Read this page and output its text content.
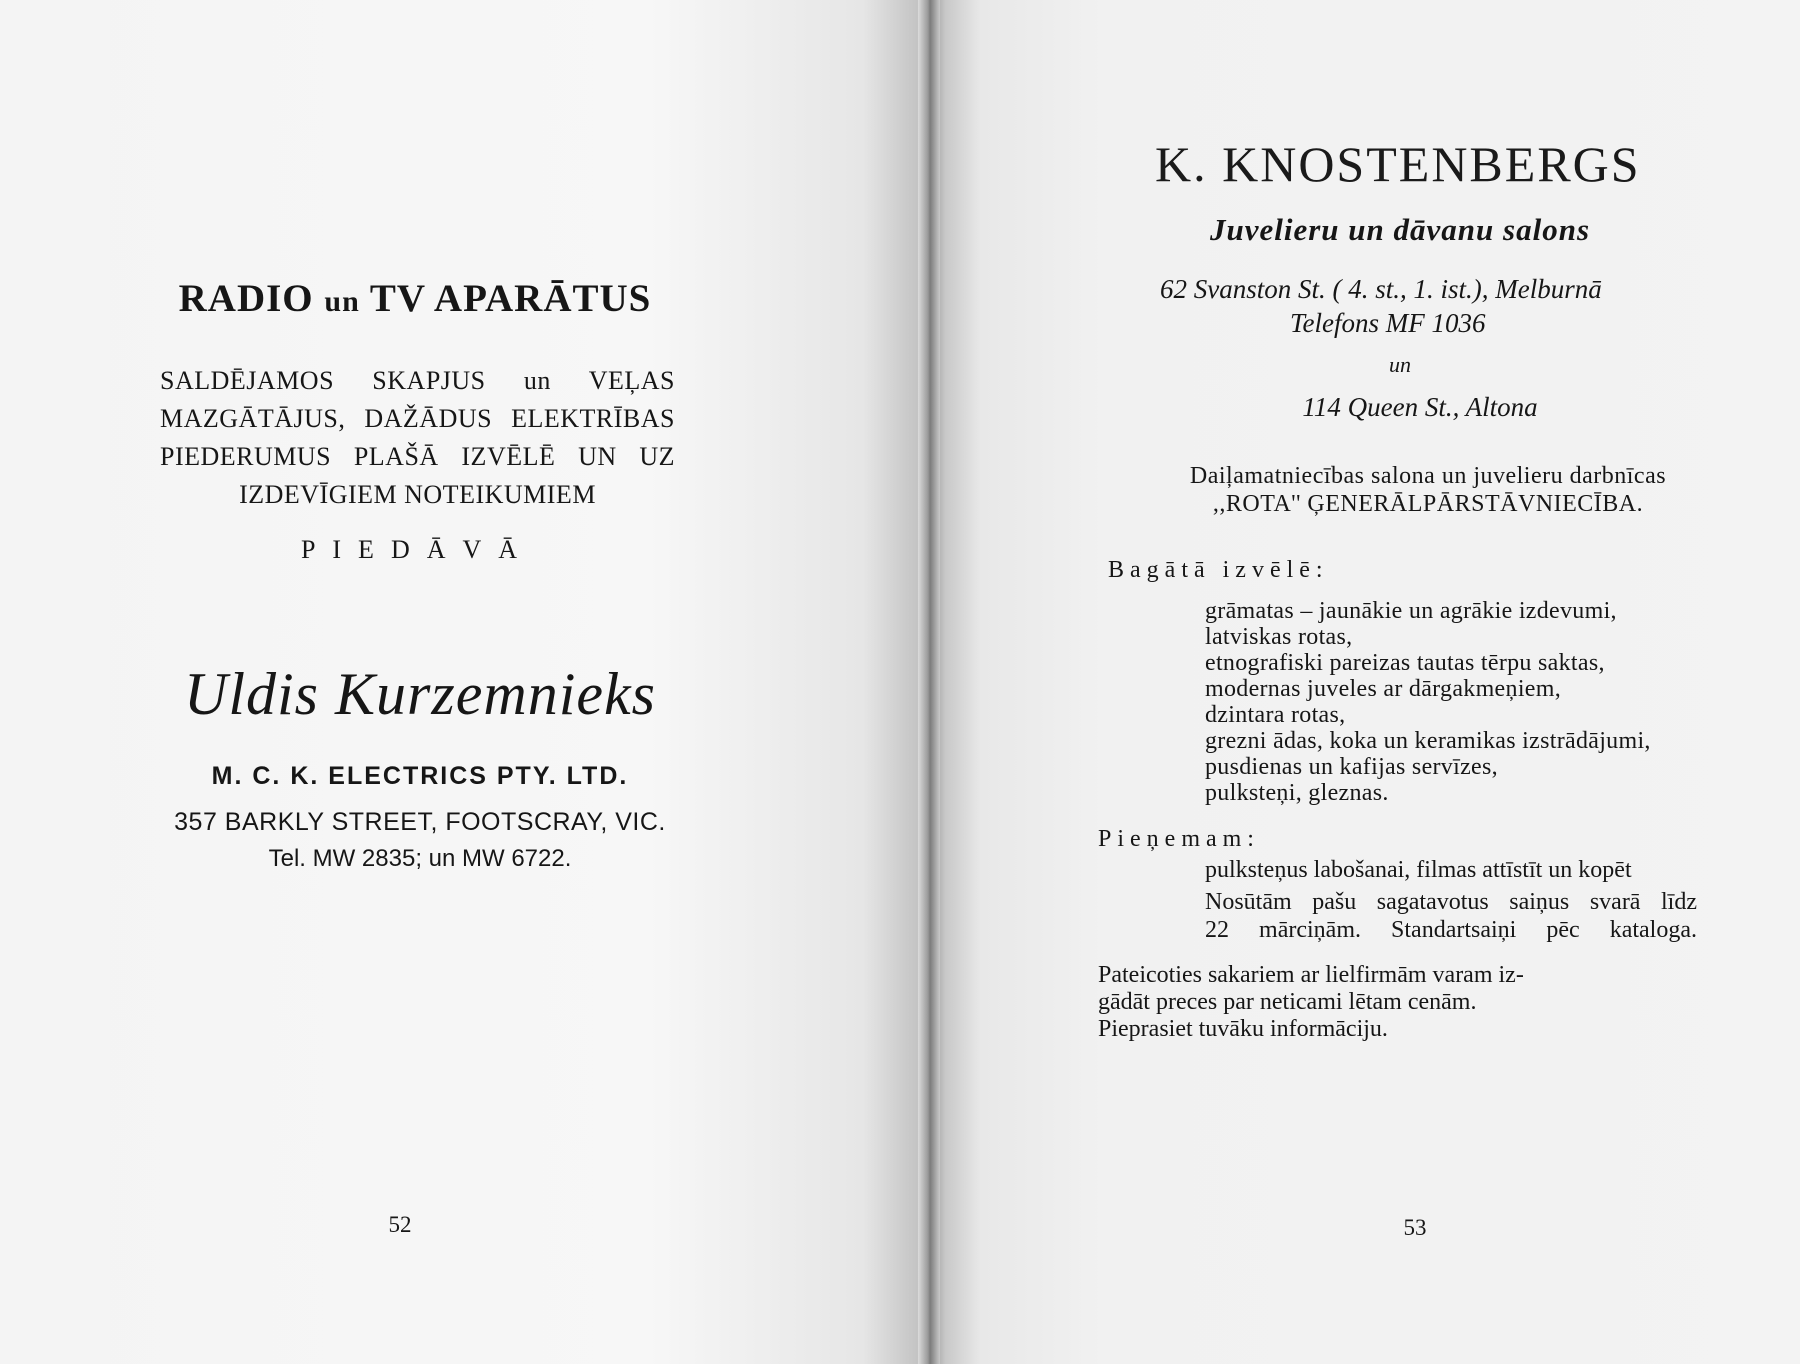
RADIO un TV APARĀTUS
SALDĒJAMOS SKAPJUS un VEĻAS
MAZGĀTĀJUS, DAŽĀDUS ELEKTRĪBAS
PIEDERUMUS PLAŠĀ IZVĒLĒ UN UZ
IZDEVĪGIEM NOTEIKUMIEM
PIEDĀVĀ
Uldis Kurzemnieks
M. C. K. ELECTRICS PTY. LTD.
357 BARKLY STREET, FOOTSCRAY, VIC.
Tel. MW 2835; un MW 6722.
52
K. KNOSTENBERGS
Juvelieru un dāvanu salons
62 Svanston St. ( 4. st., 1. ist.), Melburnā
Telefons MF 1036
un
114 Queen St., Altona
Daiļamatniecības salona un juvelieru darbnīcas
,,ROTA'' ĢENERĀLPĀRSTĀVNIECĪBA.
Bagātā izvēlē:
grāmatas – jaunākie un agrākie izdevumi,
latviskas rotas,
etnografiski pareizas tautas tērpu saktas,
modernas juveles ar dārgakmeņiem,
dzintara rotas,
grezni ādas, koka un keramikas izstrādājumi,
pusdienas un kafijas servīzes,
pulksteņi, gleznas.
Pieņemam:
pulksteņus labošanai, filmas attīstīt un kopēt
Nosūtām pašu sagatavotus saiņus svarā līdz
22 mārciņām. Standartsaiņi pēc kataloga.
Pateicoties sakariem ar lielfirmām varam iz-
gādāt preces par neticami lētam cenām.
Pieprasiet tuvāku informāciju.
53
